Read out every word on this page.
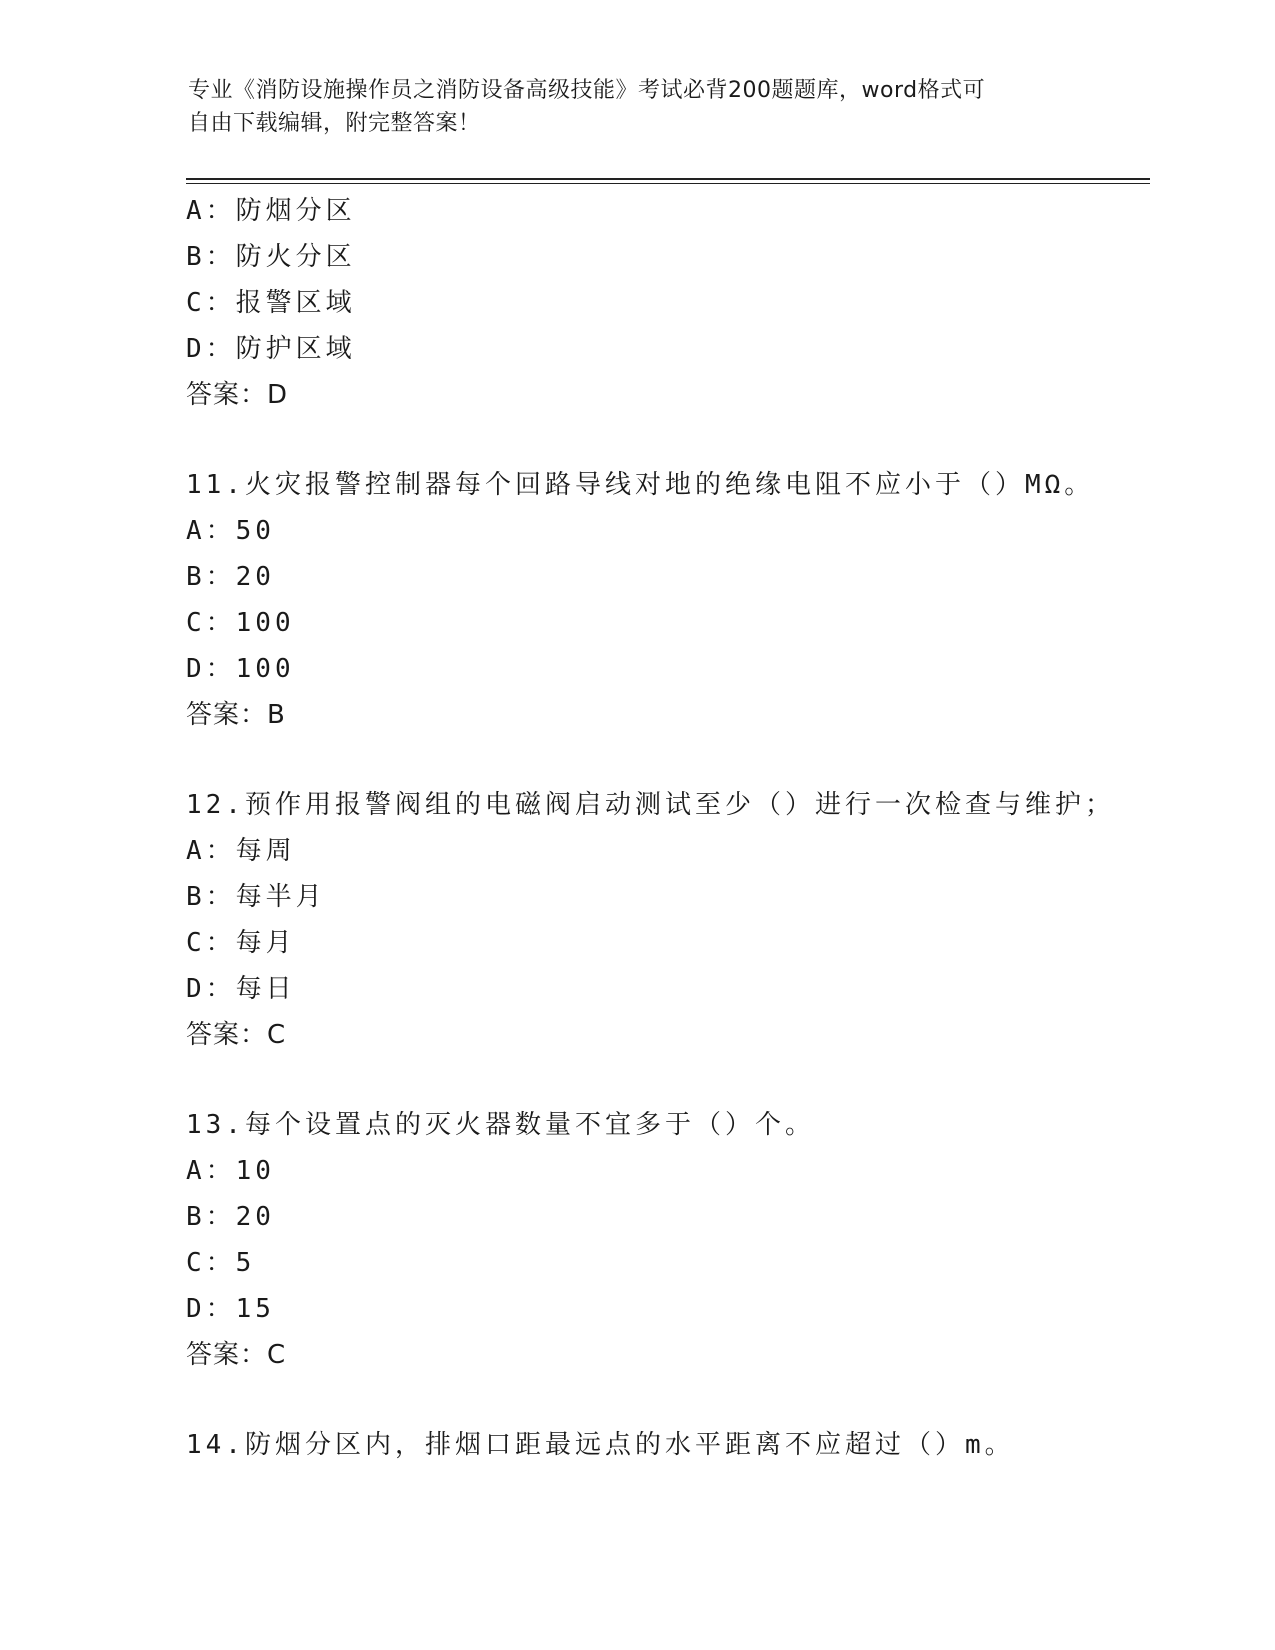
专业《消防设施操作员之消防设备高级技能》考试必背200题题库，word格式可
自由下载编辑，附完整答案！
A：防烟分区
B：防火分区
C：报警区域
D：防护区域
答案：D
11.火灾报警控制器每个回路导线对地的绝缘电阻不应小于（）MΩ。
A：50
B：20
C：100
D：100
答案：B
12.预作用报警阀组的电磁阀启动测试至少（）进行一次检查与维护；
A：每周
B：每半月
C：每月
D：每日
答案：C
13.每个设置点的灭火器数量不宜多于（）个。
A：10
B：20
C：5
D：15
答案：C
14.防烟分区内，排烟口距最远点的水平距离不应超过（）m。
